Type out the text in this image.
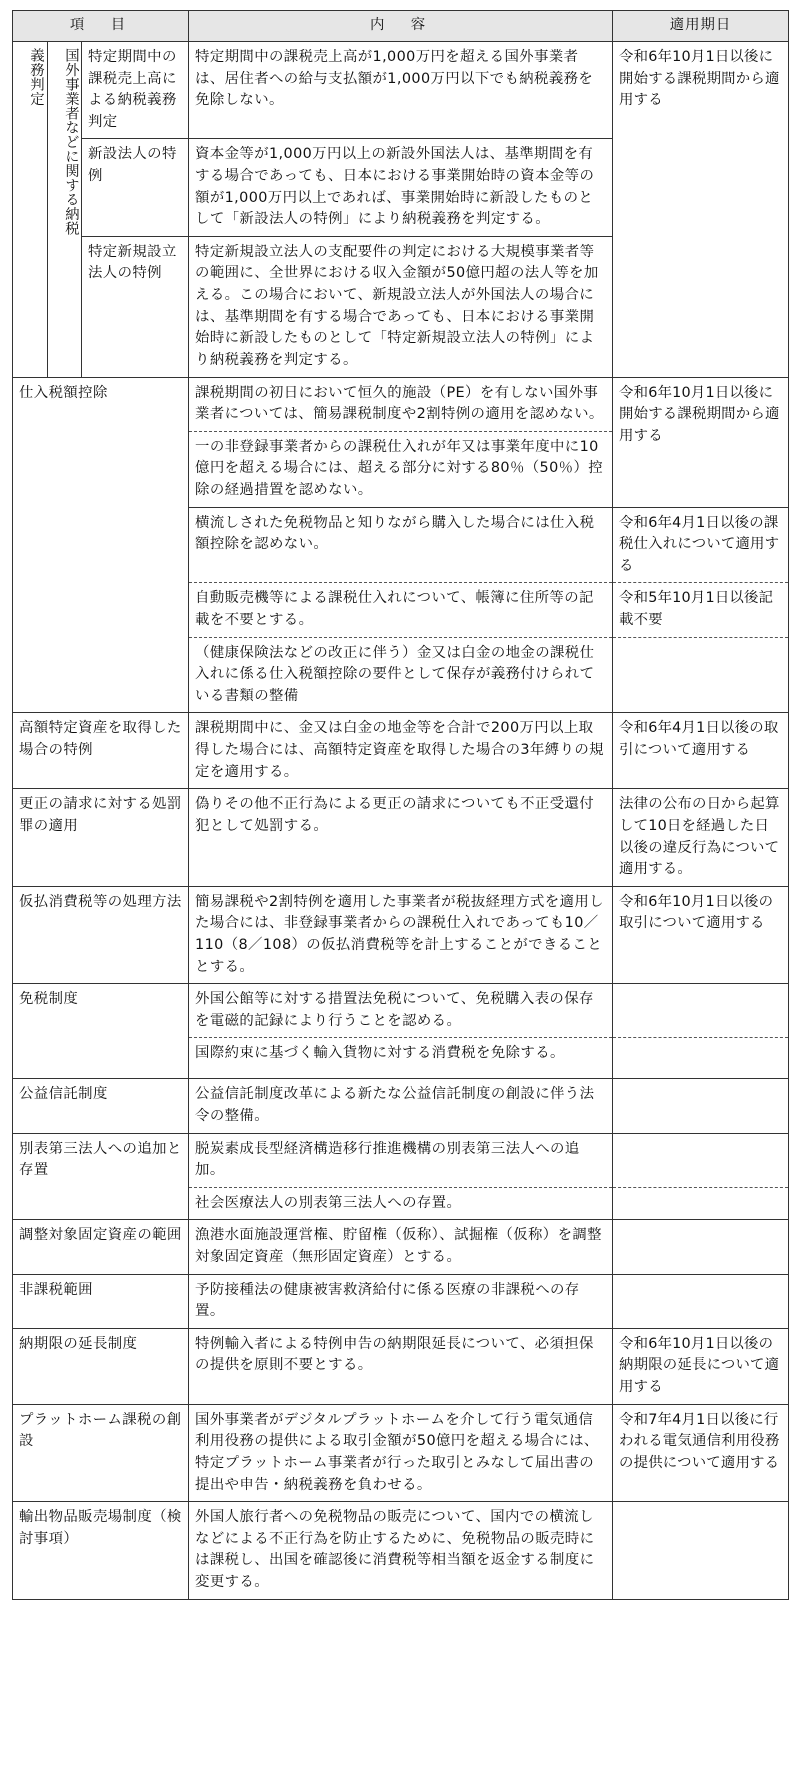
項　目			内　容	適用期日
義務判定	国外事業者などに関する納税	特定期間中の課税売上高による納税義務判定	特定期間中の課税売上高が1,000万円を超える国外事業者は、居住者への給与支払額が1,000万円以下でも納税義務を免除しない。	令和6年10月1日以後に開始する課税期間から適用する
		新設法人の特例	資本金等が1,000万円以上の新設外国法人は、基準期間を有する場合であっても、日本における事業開始時の資本金等の額が1,000万円以上であれば、事業開始時に新設したものとして「新設法人の特例」により納税義務を判定する。	
		特定新規設立法人の特例	特定新規設立法人の支配要件の判定における大規模事業者等の範囲に、全世界における収入金額が50億円超の法人等を加える。この場合において、新規設立法人が外国法人の場合には、基準期間を有する場合であっても、日本における事業開始時に新設したものとして「特定新規設立法人の特例」により納税義務を判定する。	
仕入税額控除			課税期間の初日において恒久的施設（PE）を有しない国外事業者については、簡易課税制度や2割特例の適用を認めない。	令和6年10月1日以後に開始する課税期間から適用する
			一の非登録事業者からの課税仕入れが年又は事業年度中に10億円を超える場合には、超える部分に対する80％（50％）控除の経過措置を認めない。	
			横流しされた免税物品と知りながら購入した場合には仕入税額控除を認めない。	令和6年4月1日以後の課税仕入れについて適用する
			自動販売機等による課税仕入れについて、帳簿に住所等の記載を不要とする。	令和5年10月1日以後記載不要
			（健康保険法などの改正に伴う）金又は白金の地金の課税仕入れに係る仕入税額控除の要件として保存が義務付けられている書類の整備	
高額特定資産を取得した場合の特例			課税期間中に、金又は白金の地金等を合計で200万円以上取得した場合には、高額特定資産を取得した場合の3年縛りの規定を適用する。	令和6年4月1日以後の取引について適用する
更正の請求に対する処罰罪の適用			偽りその他不正行為による更正の請求についても不正受還付犯として処罰する。	法律の公布の日から起算して10日を経過した日以後の違反行為について適用する。
仮払消費税等の処理方法			簡易課税や2割特例を適用した事業者が税抜経理方式を適用した場合には、非登録事業者からの課税仕入れであっても10／110（8／108）の仮払消費税等を計上することができることとする。	令和6年10月1日以後の取引について適用する
免税制度			外国公館等に対する措置法免税について、免税購入表の保存を電磁的記録により行うことを認める。	
			国際約束に基づく輸入貨物に対する消費税を免除する。	
公益信託制度			公益信託制度改革による新たな公益信託制度の創設に伴う法令の整備。	
別表第三法人への追加と存置			脱炭素成長型経済構造移行推進機構の別表第三法人への追加。	
			社会医療法人の別表第三法人への存置。	
調整対象固定資産の範囲			漁港水面施設運営権、貯留権（仮称）、試掘権（仮称）を調整対象固定資産（無形固定資産）とする。	
非課税範囲			予防接種法の健康被害救済給付に係る医療の非課税への存置。	
納期限の延長制度			特例輸入者による特例申告の納期限延長について、必須担保の提供を原則不要とする。	令和6年10月1日以後の納期限の延長について適用する
プラットホーム課税の創設			国外事業者がデジタルプラットホームを介して行う電気通信利用役務の提供による取引金額が50億円を超える場合には、特定プラットホーム事業者が行った取引とみなして届出書の提出や申告・納税義務を負わせる。	令和7年4月1日以後に行われる電気通信利用役務の提供について適用する
輸出物品販売場制度（検討事項）			外国人旅行者への免税物品の販売について、国内での横流しなどによる不正行為を防止するために、免税物品の販売時には課税し、出国を確認後に消費税等相当額を返金する制度に変更する。	
